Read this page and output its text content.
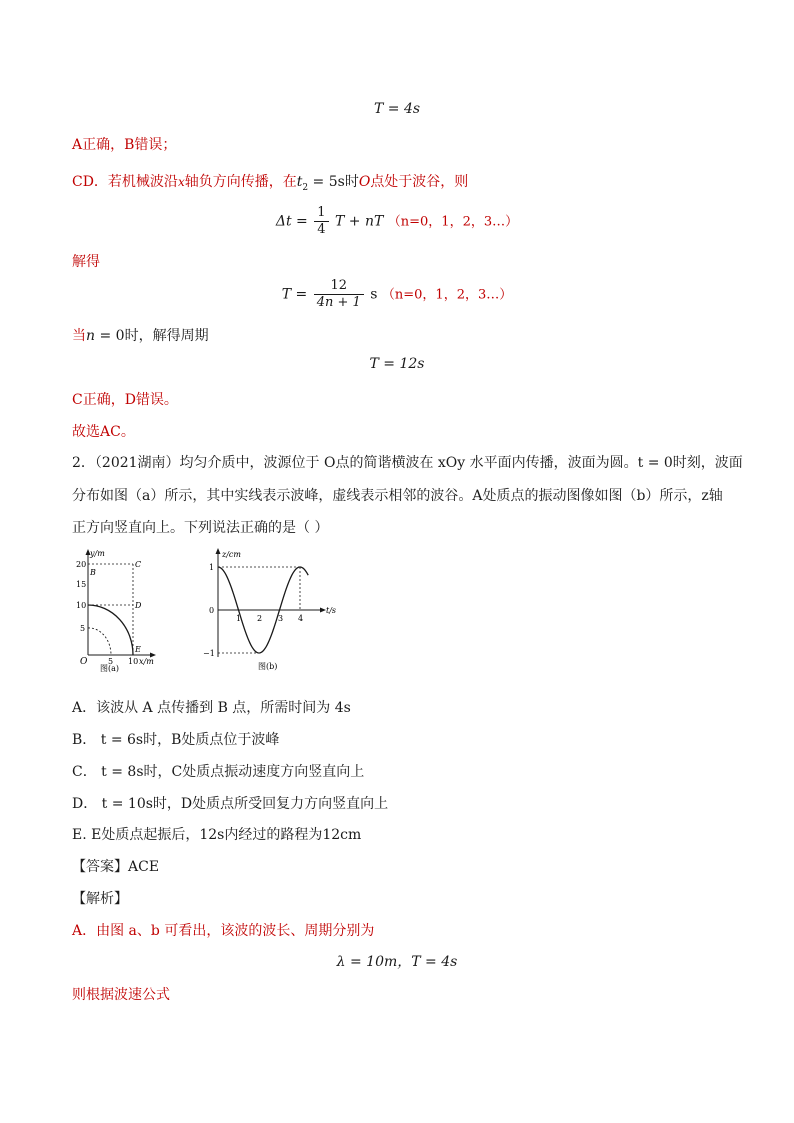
T = 4s
A正确，B错误；
CD．若机械波沿x轴负方向传播，在$t_2 = 5s$时O点处于波谷，则
$\Delta t = \frac{1}{4}$ T + nT （n=0，1，2，3…）
解得
$T = \frac{12}{4n + 1}$ s （n=0，1，2，3…）
当n = 0时，解得周期
T = 12s
C正确，D错误。
故选AC。
2．（2021湖南）均匀介质中，波源位于 O点的简谐横波在 xOy 水平面内传播，波面为圆。t = 0时刻，波面
分布如图（a）所示，其中实线表示波峰，虚线表示相邻的波谷。A处质点的振动图像如图（b）所示，z轴
正方向竖直向上。下列说法正确的是（ ）
y/m
20
15
10
5
O	5 10 x/m
B
C
D
E
图(a)
z/cm
1
0
−1
1 2 3 4
t/s
图(b)
A．该波从 A 点传播到 B 点，所需时间为 4s
B． t = 6s时，B处质点位于波峰
C． t = 8s时，C处质点振动速度方向竖直向上
D． t = 10s时，D处质点所受回复力方向竖直向上
E. E处质点起振后，12s内经过的路程为12cm
【答案】ACE
【解析】
A．由图 a、b 可看出，该波的波长、周期分别为
λ = 10m，T = 4s
则根据波速公式
